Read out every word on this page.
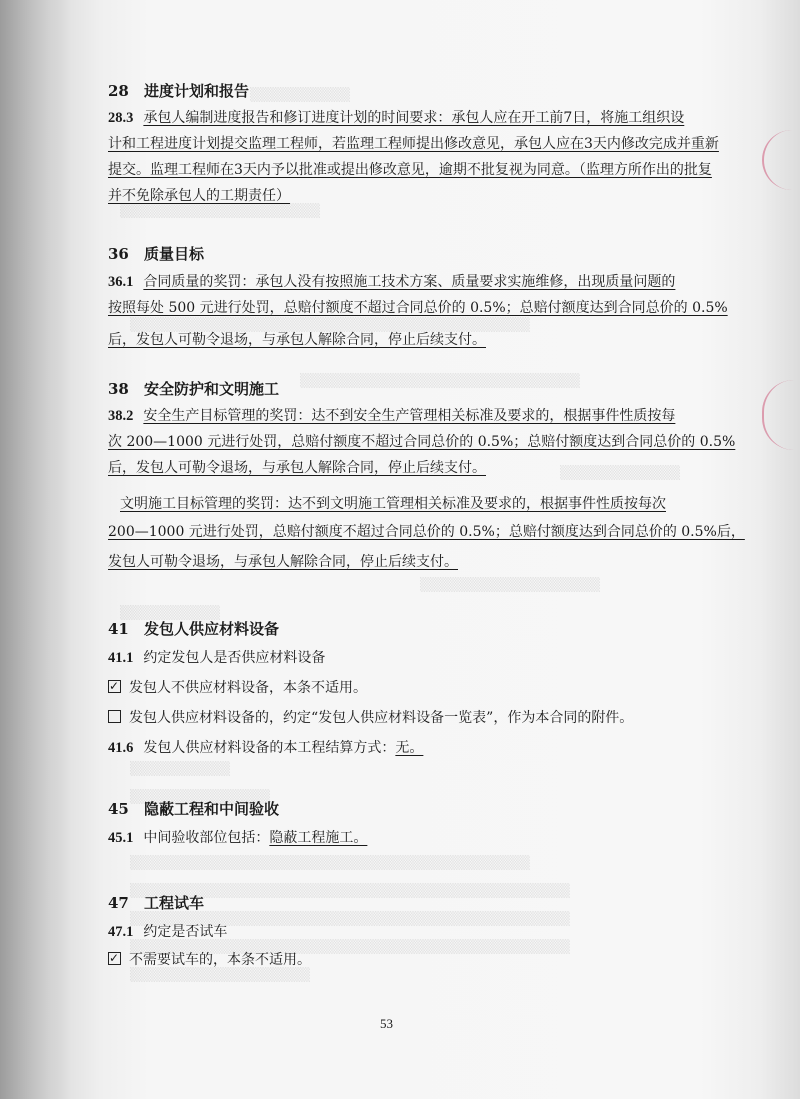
▒▒▒▒▒▒▒▒▒▒
▒▒▒▒▒▒▒▒▒▒▒▒▒▒▒▒▒▒▒▒
▒▒▒▒▒▒▒▒▒▒▒▒▒▒▒▒▒▒▒▒▒▒▒▒▒▒▒▒▒▒▒▒▒▒▒▒▒▒▒▒
▒▒▒▒▒▒▒▒▒▒▒▒▒▒▒▒▒▒▒▒▒▒▒▒▒▒▒▒
▒▒▒▒▒▒▒▒▒▒▒▒
▒▒▒▒▒▒▒▒▒▒▒▒▒▒▒▒▒▒
▒▒▒▒▒▒▒▒▒▒
▒▒▒▒▒▒▒▒▒▒
▒▒▒▒▒▒▒▒▒▒▒▒▒▒
▒▒▒▒▒▒▒▒▒▒▒▒▒▒▒▒▒▒▒▒▒▒▒▒▒▒▒▒▒▒▒▒▒▒▒▒▒▒▒▒
▒▒▒▒▒▒▒▒▒▒▒▒▒▒▒▒▒▒▒▒▒▒▒▒▒▒▒▒▒▒▒▒▒▒▒▒▒▒▒▒▒▒▒▒
▒▒▒▒▒▒▒▒▒▒▒▒▒▒▒▒▒▒▒▒▒▒▒▒▒▒▒▒▒▒▒▒▒▒▒▒▒▒▒▒▒▒▒▒
▒▒▒▒▒▒▒▒▒▒▒▒▒▒▒▒▒▒▒▒▒▒▒▒▒▒▒▒▒▒▒▒▒▒▒▒▒▒▒▒▒▒▒▒
▒▒▒▒▒▒▒▒▒▒▒▒▒▒▒▒▒▒
28 进度计划和报告
28.3 承包人编制进度报告和修订进度计划的时间要求：承包人应在开工前7日，将施工组织设
计和工程进度计划提交监理工程师，若监理工程师提出修改意见，承包人应在3天内修改完成并重新
提交。监理工程师在3天内予以批准或提出修改意见，逾期不批复视为同意。（监理方所作出的批复
并不免除承包人的工期责任）
36 质量目标
36.1 合同质量的奖罚：承包人没有按照施工技术方案、质量要求实施维修，出现质量问题的
按照每处 500 元进行处罚，总赔付额度不超过合同总价的 0.5%；总赔付额度达到合同总价的 0.5%
后，发包人可勒令退场，与承包人解除合同，停止后续支付。
38 安全防护和文明施工
38.2 安全生产目标管理的奖罚：达不到安全生产管理相关标准及要求的，根据事件性质按每
次 200—1000 元进行处罚，总赔付额度不超过合同总价的 0.5%；总赔付额度达到合同总价的 0.5%
后，发包人可勒令退场，与承包人解除合同，停止后续支付。
文明施工目标管理的奖罚：达不到文明施工管理相关标准及要求的，根据事件性质按每次
200—1000 元进行处罚，总赔付额度不超过合同总价的 0.5%；总赔付额度达到合同总价的 0.5%后，
发包人可勒令退场，与承包人解除合同，停止后续支付。
41 发包人供应材料设备
41.1 约定发包人是否供应材料设备
✓发包人不供应材料设备，本条不适用。
发包人供应材料设备的，约定“发包人供应材料设备一览表”，作为本合同的附件。
41.6 发包人供应材料设备的本工程结算方式：无。
45 隐蔽工程和中间验收
45.1 中间验收部位包括：隐蔽工程施工。
47 工程试车
47.1 约定是否试车
✓不需要试车的，本条不适用。
53
